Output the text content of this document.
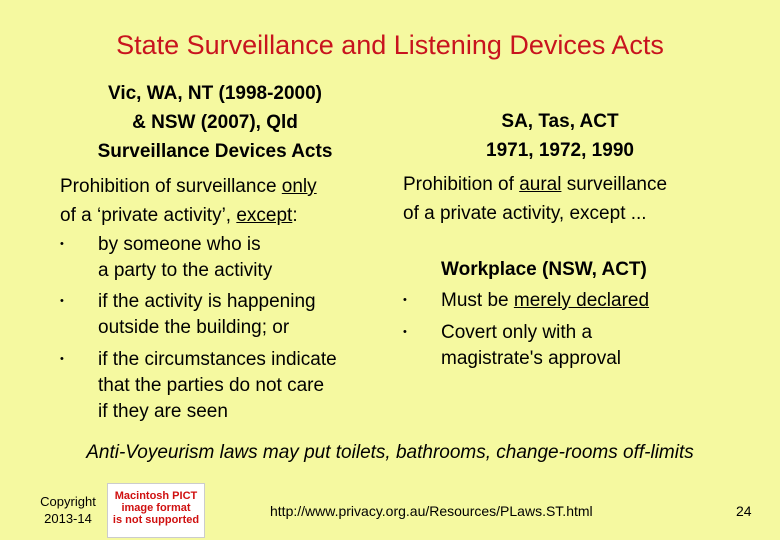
State Surveillance and Listening Devices Acts
Vic, WA, NT (1998-2000)
& NSW (2007), Qld
Surveillance Devices Acts
Prohibition of surveillance only
of a ‘private activity’, except:
• by someone who is
a party to the activity
• if the activity is happening
outside the building; or
• if the circumstances indicate
that the parties do not care
if they are seen
SA, Tas, ACT
1971, 1972, 1990
Prohibition of aural surveillance
of a private activity, except ...
Workplace (NSW, ACT)
• Must be merely declared
• Covert only with a
magistrate's approval
Anti-Voyeurism laws may put toilets, bathrooms, change-rooms off-limits
Copyright
2013-14
Macintosh PICT
image format
is not supported
http://www.privacy.org.au/Resources/PLaws.ST.html	24
